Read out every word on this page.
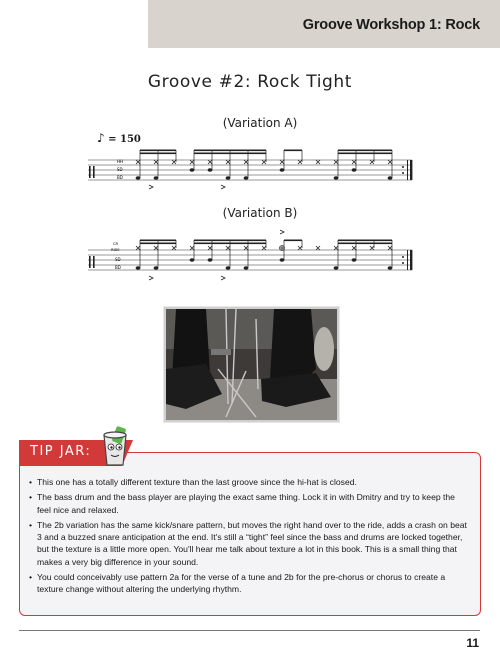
Groove Workshop 1: Rock
Groove #2: Rock Tight
(Variation A)
♪ = 150
HH
SD
BD
(Variation B)
CR
RIDE
SD
BD
TIP JAR:
• This one has a totally different texture than the last groove since the hi-hat is closed.
• The bass drum and the bass player are playing the exact same thing. Lock it in with Dmitry and try to keep the feel nice and relaxed.
• The 2b variation has the same kick/snare pattern, but moves the right hand over to the ride, adds a crash on beat 3 and a buzzed snare anticipation at the end. It's still a “tight” feel since the bass and drums are locked together, but the texture is a little more open. You'll hear me talk about texture a lot in this book. This is a small thing that makes a very big difference in your sound.
• You could conceivably use pattern 2a for the verse of a tune and 2b for the pre-chorus or chorus to create a texture change without altering the underlying rhythm.
11
